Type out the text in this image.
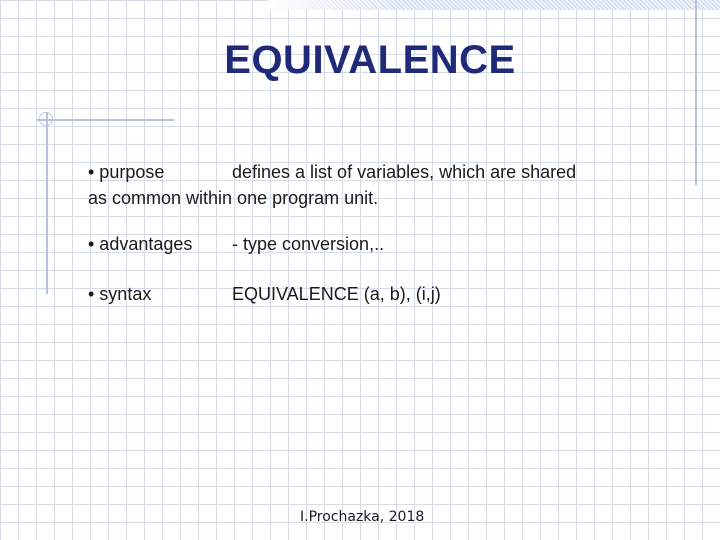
EQUIVALENCE
• purpose	defines a list of variables, which are shared
as common within one program unit.
• advantages - type conversion,..
• syntax	EQUIVALENCE (a, b), (i,j)
I.Prochazka, 2018
